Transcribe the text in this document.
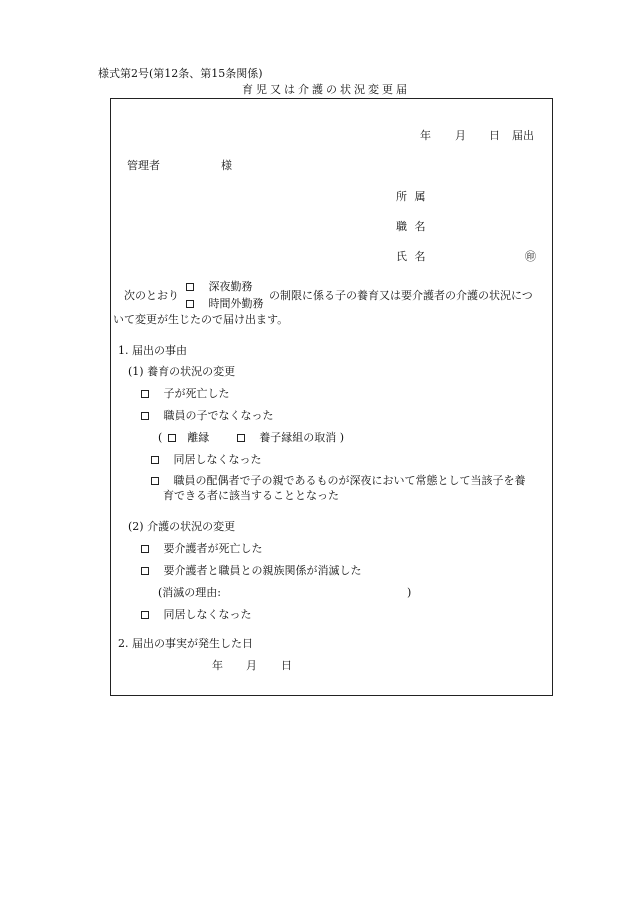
様式第2号(第12条、第15条関係)
育児又は介護の状況変更届
年 月 日 届出
管理者	様
所 属
職 名
氏 名	㊞
次のとおり
深夜勤務
時間外勤務
の制限に係る子の養育又は要介護者の介護の状況につ
いて変更が生じたので届け出ます。
1. 届出の事由
(1) 養育の状況の変更
子が死亡した
職員の子でなくなった
( 離縁	養子縁組の取消 )
同居しなくなった
職員の配偶者で子の親であるものが深夜において常態として当該子を養
育できる者に該当することとなった
(2) 介護の状況の変更
要介護者が死亡した
要介護者と職員との親族関係が消滅した
(消滅の理由:	)
同居しなくなった
2. 届出の事実が発生した日
年 月 日
